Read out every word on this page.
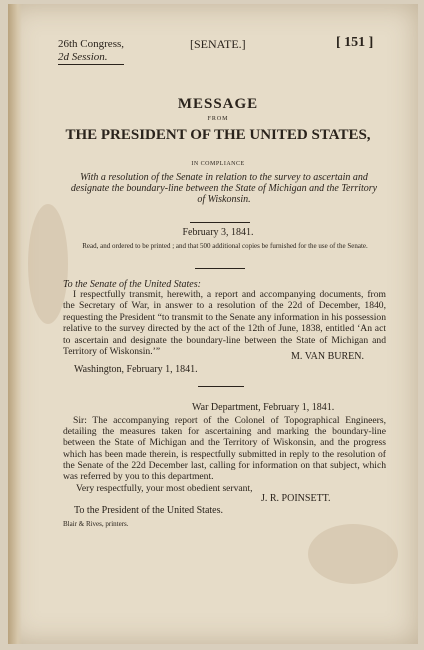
26th Congress,
2d Session.
[SENATE.]	[ 151 ]
MESSAGE
FROM
THE PRESIDENT OF THE UNITED STATES,
IN COMPLIANCE
With a resolution of the Senate in relation to the survey to ascertain and designate the boundary-line between the State of Michigan and the Territory of Wiskonsin.
February 3, 1841.
Read, and ordered to be printed ; and that 500 additional copies be furnished for the use of the Senate.
To the Senate of the United States:

I respectfully transmit, herewith, a report and accompanying documents, from the Secretary of War, in answer to a resolution of the 22d of December, 1840, requesting the President “to transmit to the Senate any information in his possession relative to the survey directed by the act of the 12th of June, 1838, entitled ‘An act to ascertain and designate the boundary-line between the State of Michigan and Territory of Wiskonsin.’”	M. VAN BUREN.
Washington, February 1, 1841.
War Department, February 1, 1841.

Sir: The accompanying report of the Colonel of Topographical Engineers, detailing the measures taken for ascertaining and marking the boundary-line between the State of Michigan and the Territory of Wiskonsin, and the progress which has been made therein, is respectfully submitted in reply to the resolution of the Senate of the 22d December last, calling for information on that subject, which was referred by you to this department.

Very respectfully, your most obedient servant,
J. R. POINSETT.
To the President of the United States.
Blair & Rives, printers.
